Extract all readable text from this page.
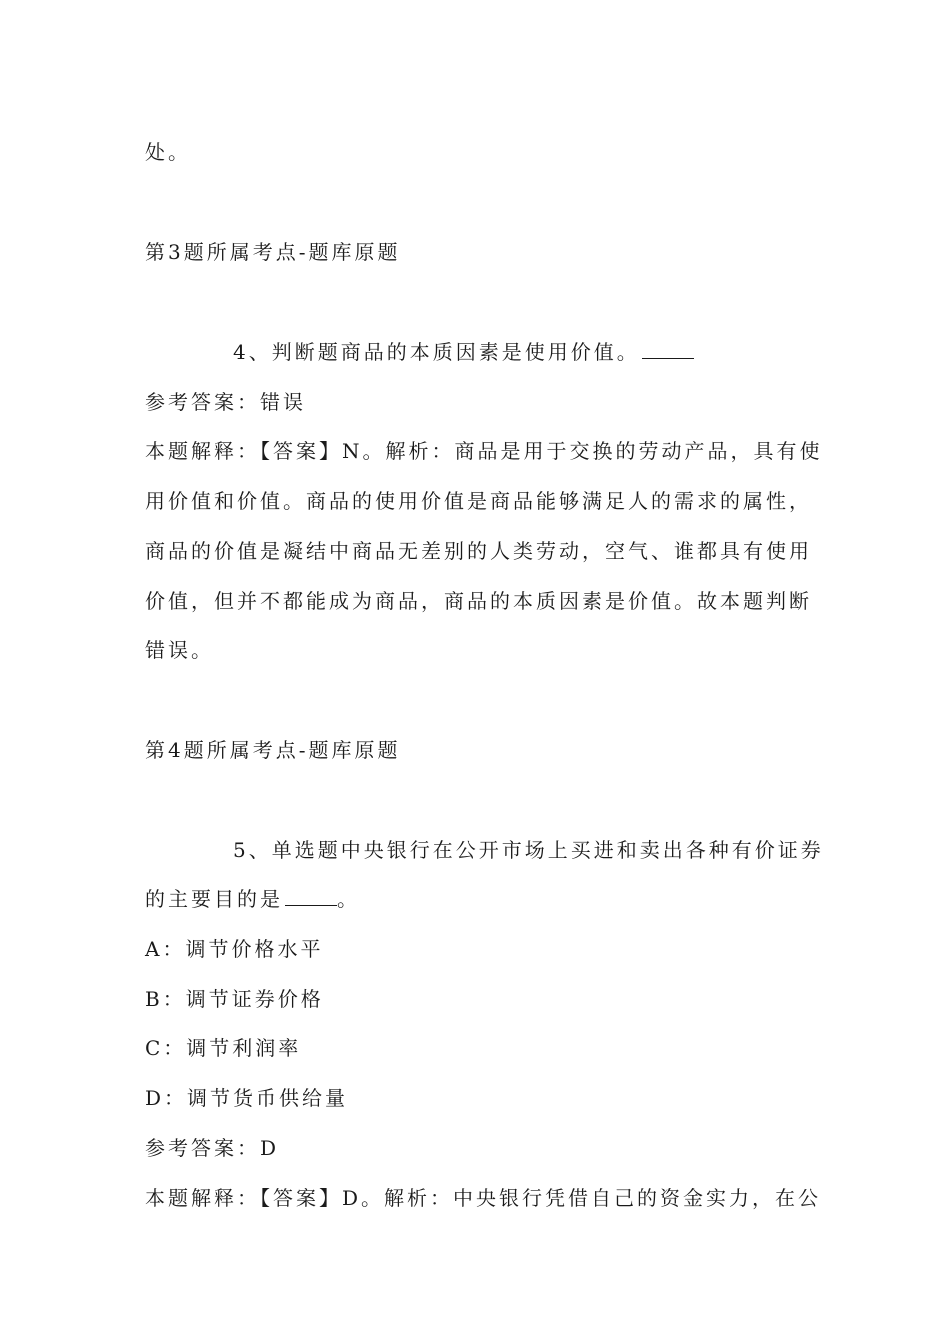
处。
第3题所属考点-题库原题
4、判断题商品的本质因素是使用价值。
参考答案：错误
本题解释：【答案】N。解析：商品是用于交换的劳动产品，具有使
用价值和价值。商品的使用价值是商品能够满足人的需求的属性，
商品的价值是凝结中商品无差别的人类劳动，空气、谁都具有使用
价值，但并不都能成为商品，商品的本质因素是价值。故本题判断
错误。
第4题所属考点-题库原题
5、单选题中央银行在公开市场上买进和卖出各种有价证券
的主要目的是	。
A：调节价格水平
B：调节证券价格
C：调节利润率
D：调节货币供给量
参考答案：D
本题解释：【答案】D。解析：中央银行凭借自己的资金实力，在公
